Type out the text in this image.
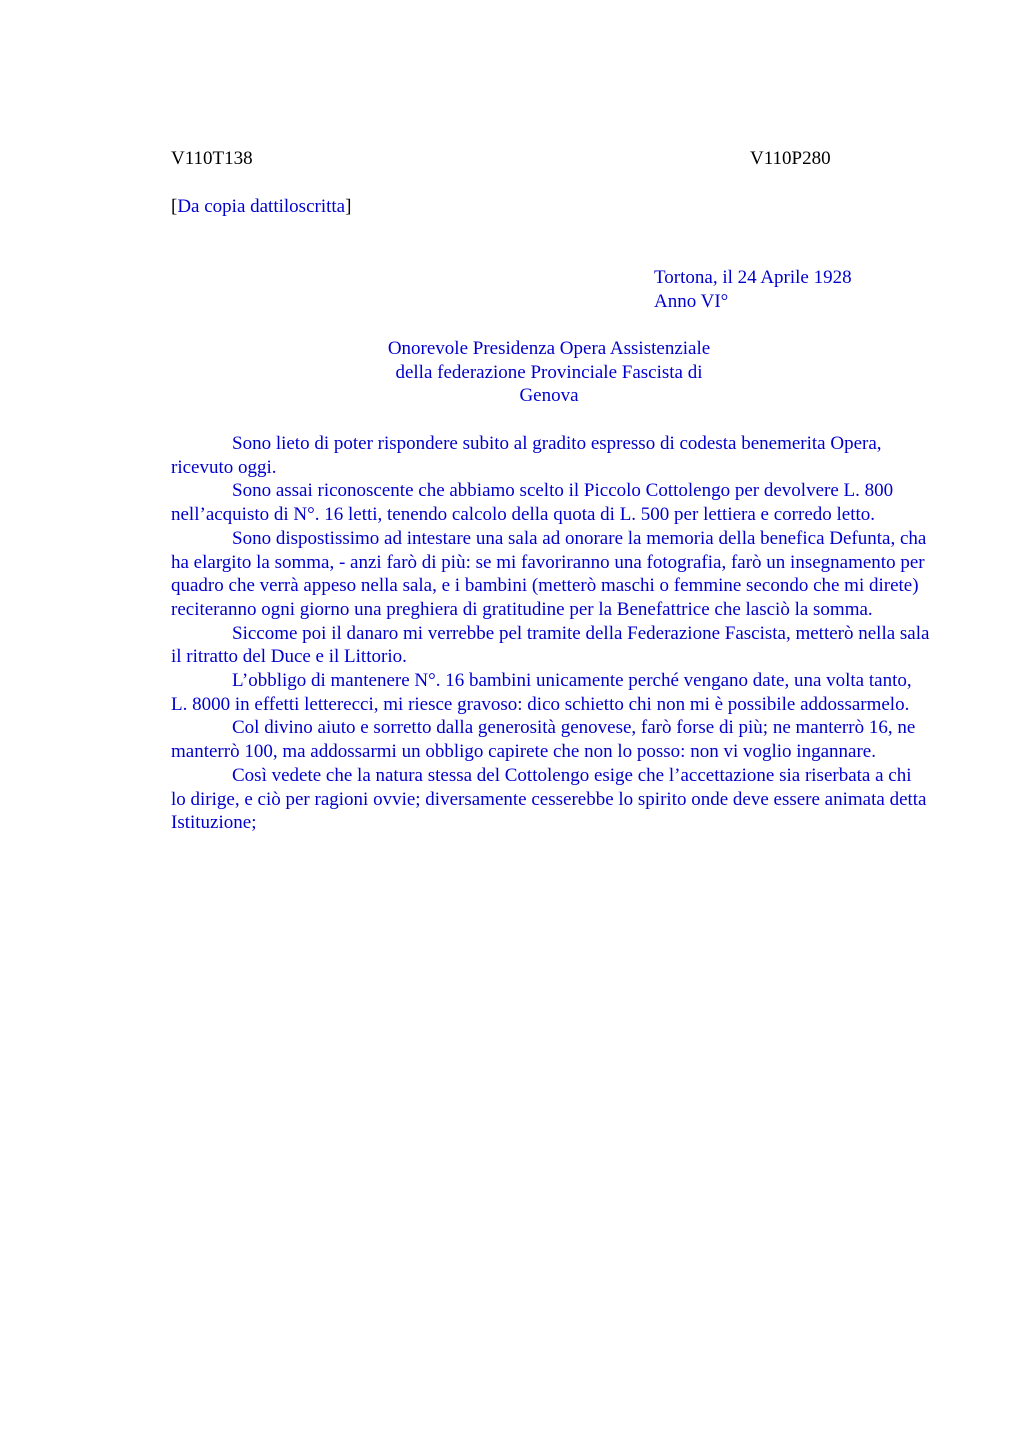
V110T138	V110P280
[Da copia dattiloscritta]
Tortona, il 24 Aprile 1928
Anno VI°
Onorevole Presidenza Opera Assistenziale
della federazione Provinciale Fascista di
Genova

Sono lieto di poter rispondere subito al gradito espresso di codesta benemerita Opera, ricevuto oggi.

Sono assai riconoscente che abbiamo scelto il Piccolo Cottolengo per devolvere L. 800 nell’acquisto di N°. 16 letti, tenendo calcolo della quota di L. 500 per lettiera e corredo letto.

Sono dispostissimo ad intestare una sala ad onorare la memoria della benefica Defunta, cha ha elargito la somma, - anzi farò di più: se mi favoriranno una fotografia, farò un insegnamento per quadro che verrà appeso nella sala, e i bambini (metterò maschi o femmine secondo che mi direte) reciteranno ogni giorno una preghiera di gratitudine per la Benefattrice che lasciò la somma.

Siccome poi il danaro mi verrebbe pel tramite della Federazione Fascista, metterò nella sala il ritratto del Duce e il Littorio.

L’obbligo di mantenere N°. 16 bambini unicamente perché vengano date, una volta tanto, L. 8000 in effetti letterecci, mi riesce gravoso: dico schietto chi non mi è possibile addossarmelo.

Col divino aiuto e sorretto dalla generosità genovese, farò forse di più; ne manterrò 16, ne manterrò 100, ma addossarmi un obbligo capirete che non lo posso: non vi voglio ingannare.

Così vedete che la natura stessa del Cottolengo esige che l’accettazione sia riserbata a chi lo dirige, e ciò per ragioni ovvie; diversamente cesserebbe lo spirito onde deve essere animata detta Istituzione;
